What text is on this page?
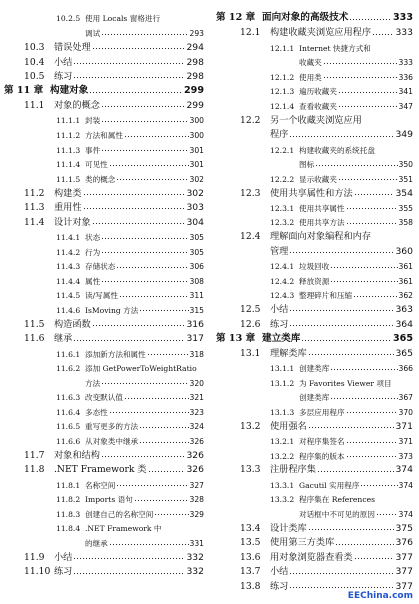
10.2.5 使用 Locals 窗格进行
调试	293
10.3	错误处理	294
10.4	小结	298
10.5	练习	298
第 11 章 构建对象	299
11.1	对象的概念	299
11.1.1 封装	300
11.1.2 方法和属性	300
11.1.3 事件	301
11.1.4 可见性	301
11.1.5 类的概念	302
11.2	构建类	302
11.3	重用性	303
11.4	设计对象	304
11.4.1 状态	305
11.4.2 行为	305
11.4.3 存储状态	306
11.4.4 属性	308
11.4.5 读/写属性	311
11.4.6 IsMoving 方法	315
11.5	构造函数	316
11.6	继承	317
11.6.1 添加新方法和属性	318
11.6.2 添加 GetPowerToWeightRatio
方法	320
11.6.3 改变默认值	321
11.6.4 多态性	323
11.6.5 重写更多的方法	324
11.6.6 从对象类中继承	326
11.7	对象和结构	326
11.8	.NET Framework 类	326
11.8.1 名称空间	327
11.8.2 Imports 语句	328
11.8.3 创建自己的名称空间	329
11.8.4 .NET Framework 中
的继承	331
11.9	小结	332
11.10 练习	332
第 12 章 面向对象的高级技术	333
12.1	构建收藏夹浏览应用程序	333
12.1.1 Internet 快捷方式和
收藏夹	333
12.1.2 使用类	336
12.1.3 遍历收藏夹	341
12.1.4 查看收藏夹	347
12.2	另一个收藏夹浏览应用
程序	349
12.2.1 构建收藏夹的系统托盘
图标	350
12.2.2 显示收藏夹	351
12.3	使用共享属性和方法	354
12.3.1 使用共享属性	355
12.3.2 使用共享方法	358
12.4	理解面向对象编程和内存
管理	360
12.4.1 垃圾回收	361
12.4.2 释放资源	361
12.4.3 整理碎片和压缩	362
12.5	小结	363
12.6	练习	364
第 13 章 建立类库	365
13.1	理解类库	365
13.1.1 创建类库	366
13.1.2 为 Favorites Viewer 项目
创建类库	367
13.1.3 多层应用程序	370
13.2	使用强名	371
13.2.1 对程序集签名	371
13.2.2 程序集的版本	373
13.3	注册程序集	374
13.3.1 Gacutil 实用程序	374
13.3.2 程序集在 References
对话框中不可见的原因	374
13.4	设计类库	375
13.5	使用第三方类库	376
13.6	用对象浏览器查看类	377
13.7	小结	377
13.8	练习	377
EEChina.com
